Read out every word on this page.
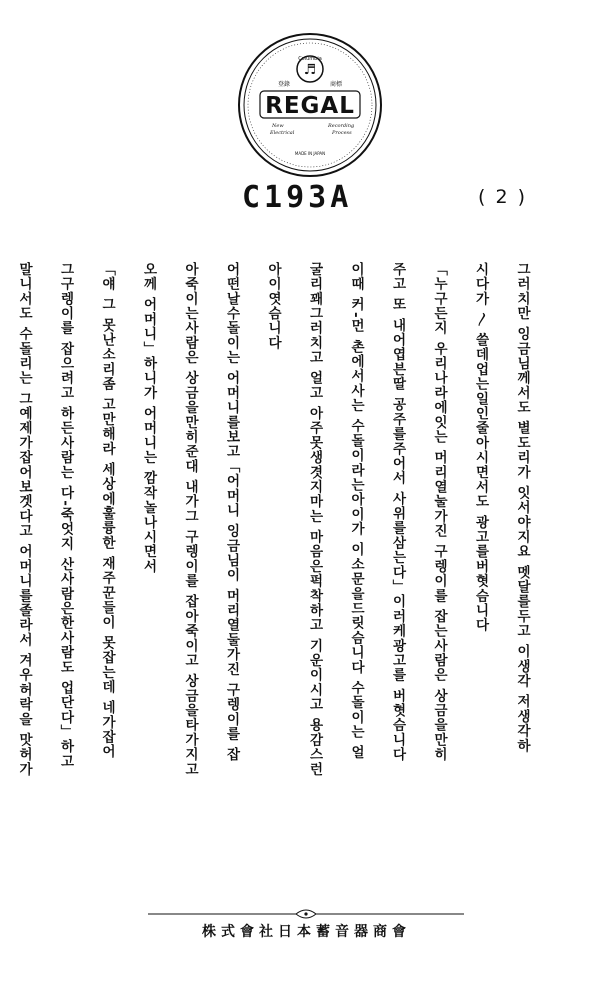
♬
Columbia
登錄	商標
REGAL
New
Electrical
Recording
Process
MADE IN JAPAN
C193A	( 2 )

그러치만 잉금님께서도 별도리가 잇서야지요 멧달를두고 이생각 저생각하

시다가 〳 쓸데업는일인줄아시면서도 광고를버혓슴니다

「누구든지 우리나라에잇는 머리열눌가진 구렝이를 잡는사람은 상금을만히

주고 또 내어엽븐딸 공주를주어서 사위를삼는다」이러케광고를 버혓슴니다

이때 커-먼 촌에서사는 수돌이라는아이가 이소문을드릿슴니다 수돌이는 얼

굴리꽤그러치고 얼고 아주못생겻지마는 마음은퍽착하고 기운이시고 용감스런

아이엿슴니다

어떤날수돌이는 어머니를보고「어머니 잉금님이 머리열둘가진 구렝이를 잡

아죽이는사람은 상금을만히준대 내가그 구렝이를 잡아죽이고 상금을타가지고

오께 어머니」하니가 어머니는 깜작놀나시면서

「얘 그 못난소리좀 고만해라 세상에훌륭한 재주꾼들이 못잡는데 네가잡어

그구렝이를 잡으려고 하든사람는 다-죽엇지 산사람은한사람도 업단다」하고

말니서도 수돌리는 그예제가잡어보겟다고 어머니를졸라서 겨우허락을 맛허가

株式會社日本蓄音器商會
